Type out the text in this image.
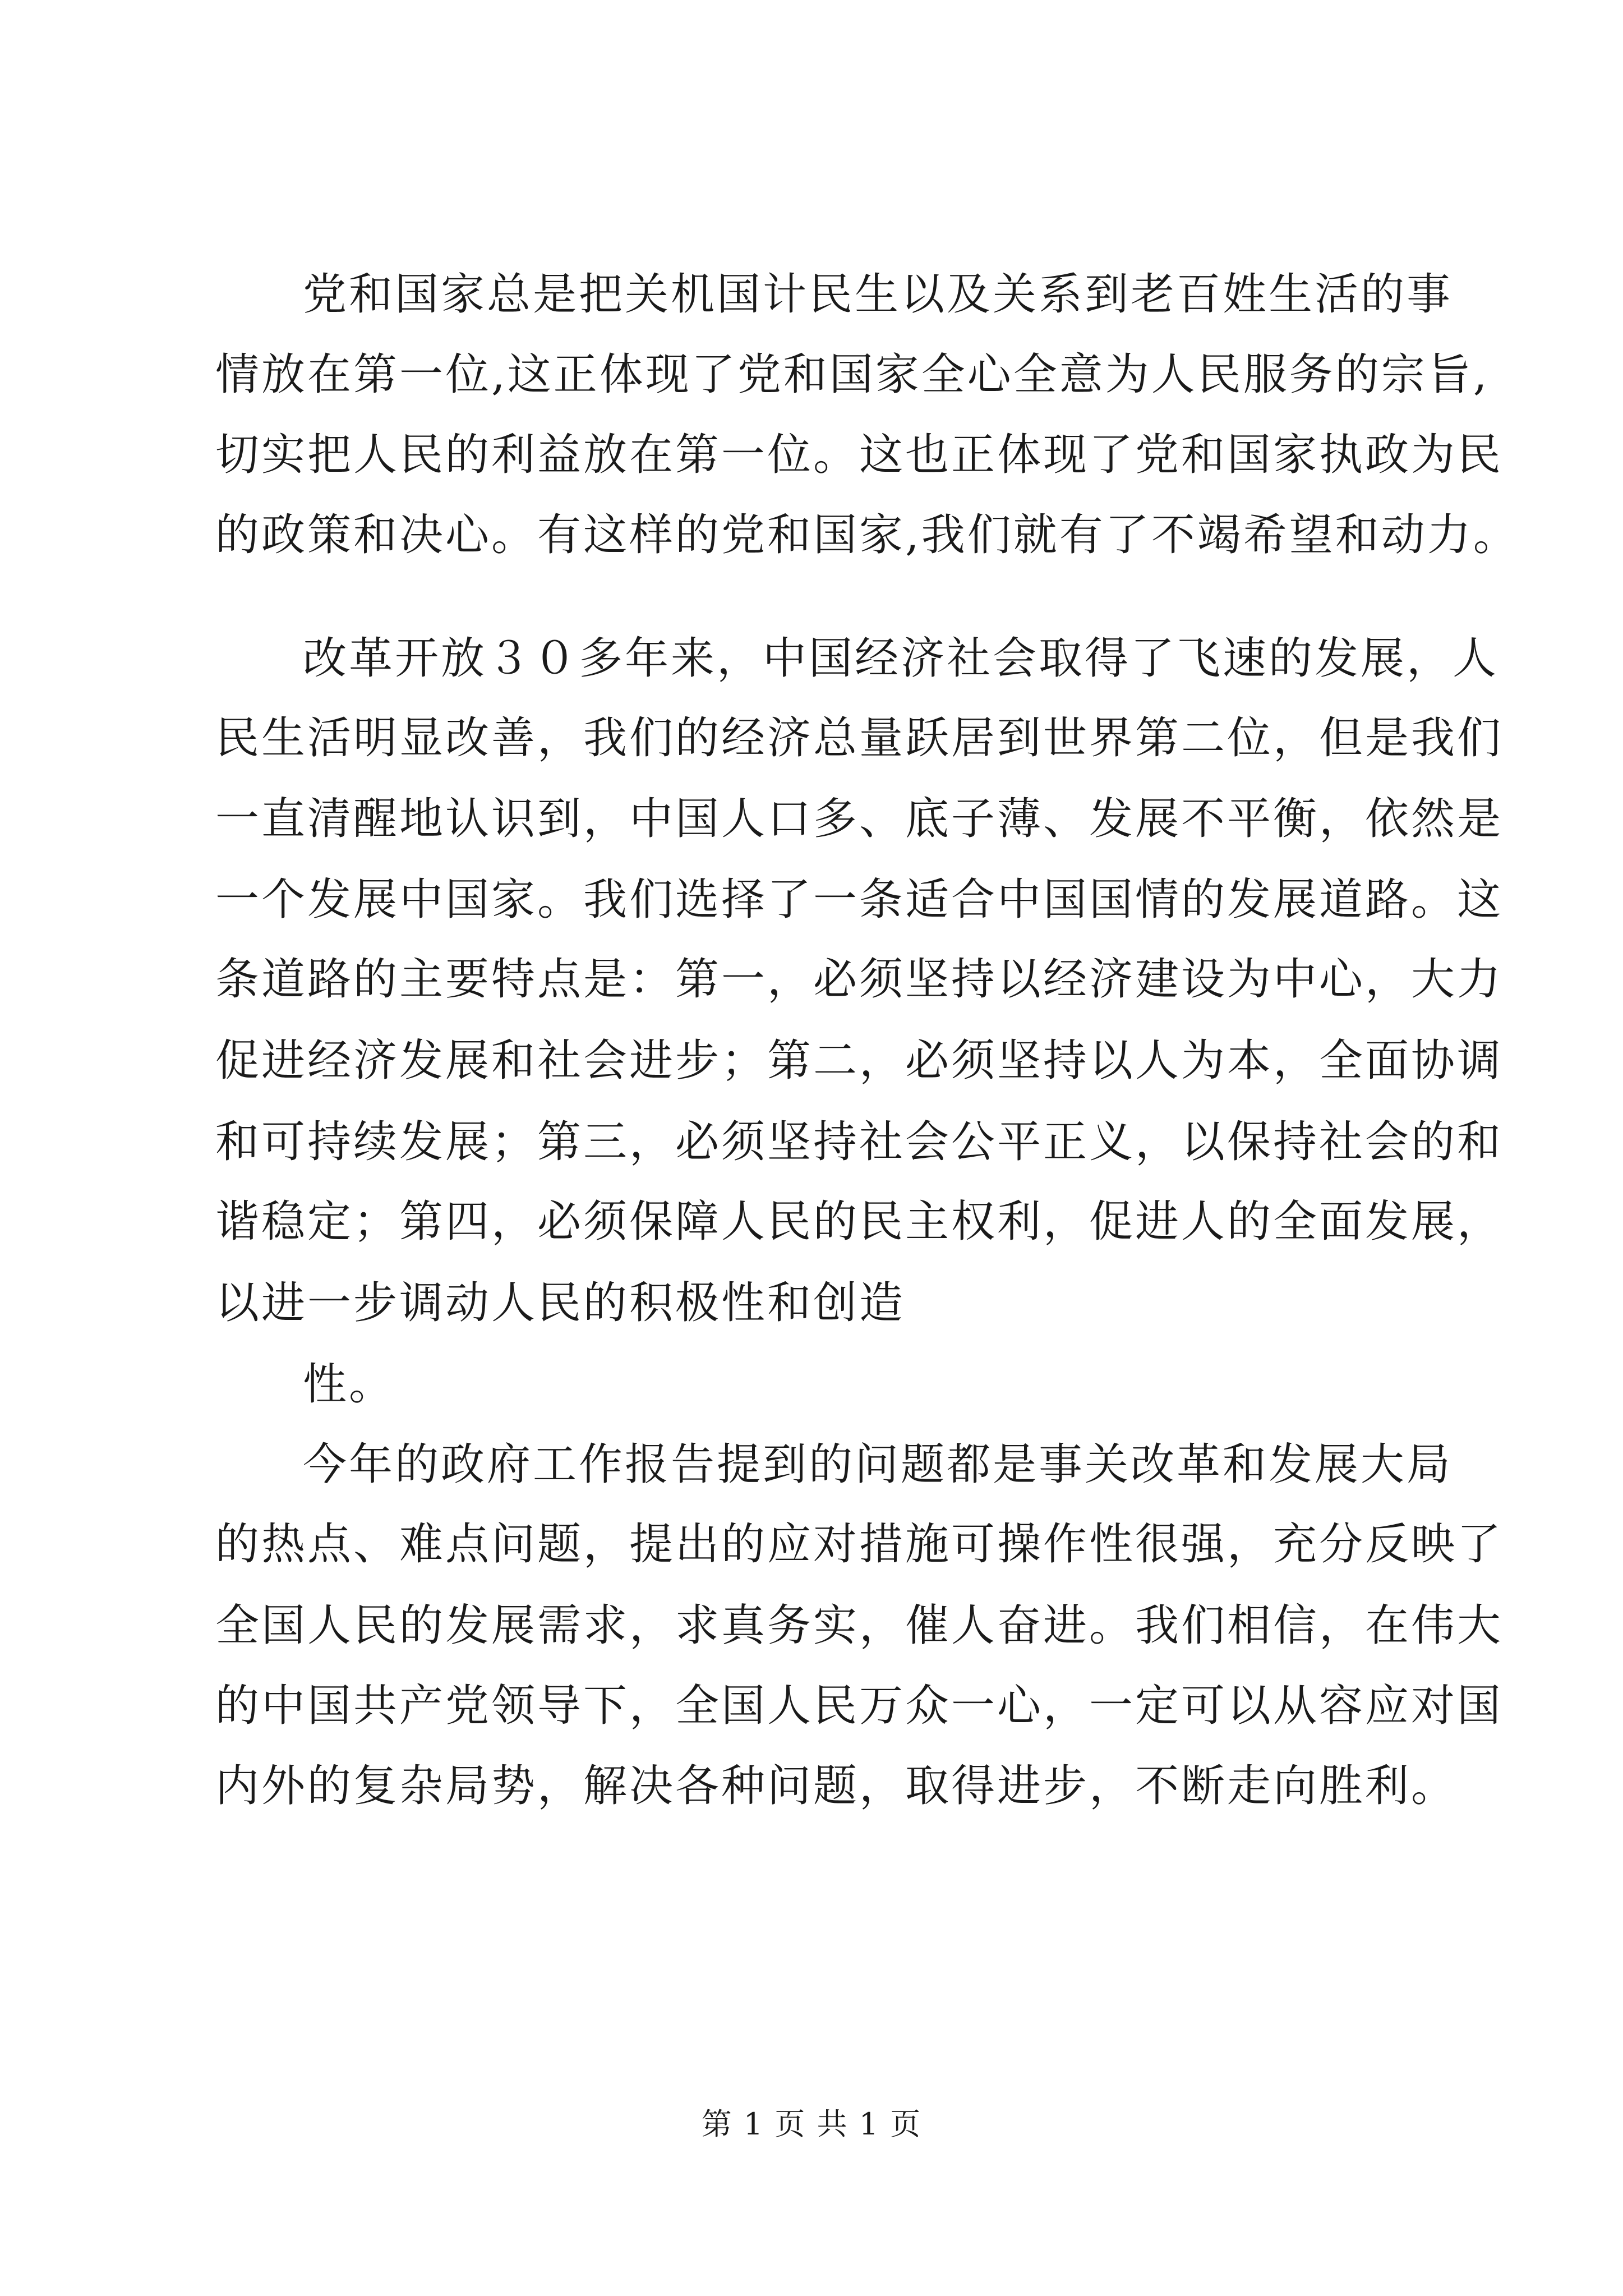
党和国家总是把关机国计民生以及关系到老百姓生活的事
情放在第一位,这正体现了党和国家全心全意为人民服务的宗旨,
切实把人民的利益放在第一位。这也正体现了党和国家执政为民
的政策和决心。有这样的党和国家,我们就有了不竭希望和动力。
改革开放３０多年来，中国经济社会取得了飞速的发展，人
民生活明显改善，我们的经济总量跃居到世界第二位，但是我们
一直清醒地认识到，中国人口多、底子薄、发展不平衡，依然是
一个发展中国家。我们选择了一条适合中国国情的发展道路。这
条道路的主要特点是：第一，必须坚持以经济建设为中心，大力
促进经济发展和社会进步；第二，必须坚持以人为本，全面协调
和可持续发展；第三，必须坚持社会公平正义，以保持社会的和
谐稳定；第四，必须保障人民的民主权利，促进人的全面发展，
以进一步调动人民的积极性和创造
性。
今年的政府工作报告提到的问题都是事关改革和发展大局
的热点、难点问题，提出的应对措施可操作性很强，充分反映了
全国人民的发展需求，求真务实，催人奋进。我们相信，在伟大
的中国共产党领导下，全国人民万众一心，一定可以从容应对国
内外的复杂局势，解决各种问题，取得进步，不断走向胜利。
第 1 页 共 1 页
